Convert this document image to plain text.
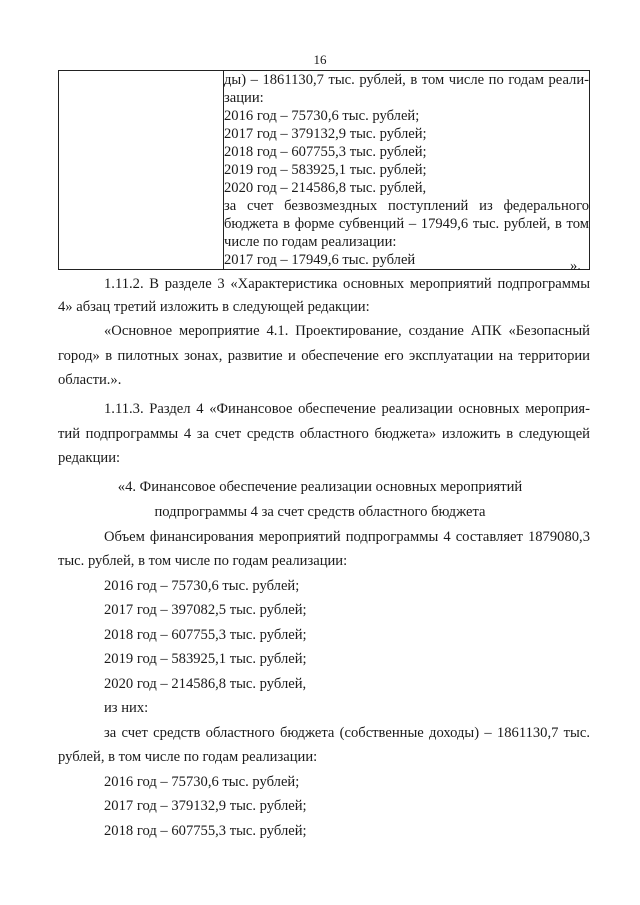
16

ды) – 1861130,7 тыс. рублей, в том числе по годам реали-
зации:
2016 год – 75730,6 тыс. рублей;
2017 год – 379132,9 тыс. рублей;
2018 год – 607755,3 тыс. рублей;
2019 год – 583925,1 тыс. рублей;
2020 год – 214586,8 тыс. рублей,
за счет безвозмездных поступлений из федерального
бюджета в форме субвенций – 17949,6 тыс. рублей, в том
числе по годам реализации:
2017 год – 17949,6 тыс. рублей	».
1.11.2. В разделе 3 «Характеристика основных мероприятий подпрограммы
4» абзац третий изложить в следующей редакции:
«Основное мероприятие 4.1. Проектирование, создание АПК «Безопасный
город» в пилотных зонах, развитие и обеспечение его эксплуатации на территории
области.».
1.11.3. Раздел 4 «Финансовое обеспечение реализации основных мероприя-
тий подпрограммы 4 за счет средств областного бюджета» изложить в следующей
редакции:
«4. Финансовое обеспечение реализации основных мероприятий
подпрограммы 4 за счет средств областного бюджета
Объем финансирования мероприятий подпрограммы 4 составляет 1879080,3
тыс. рублей, в том числе по годам реализации:
2016 год – 75730,6 тыс. рублей;
2017 год – 397082,5 тыс. рублей;
2018 год – 607755,3 тыс. рублей;
2019 год – 583925,1 тыс. рублей;
2020 год – 214586,8 тыс. рублей,
из них:
за счет средств областного бюджета (собственные доходы) – 1861130,7 тыс.
рублей, в том числе по годам реализации:
2016 год – 75730,6 тыс. рублей;
2017 год – 379132,9 тыс. рублей;
2018 год – 607755,3 тыс. рублей;
